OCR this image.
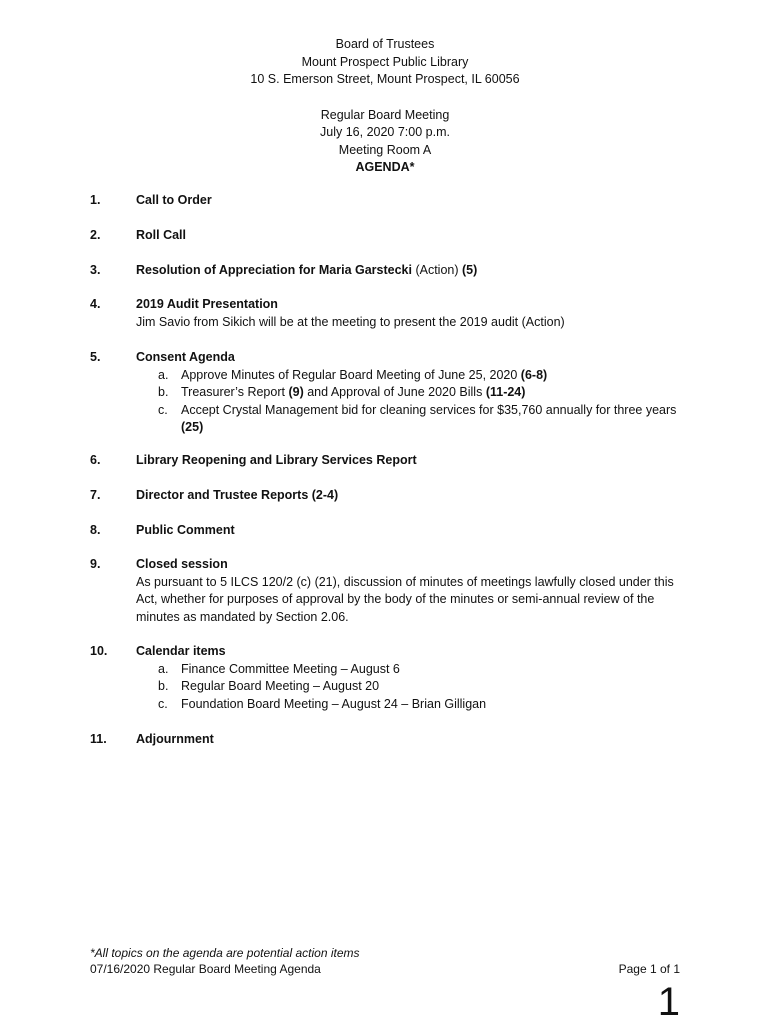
Board of Trustees
Mount Prospect Public Library
10 S. Emerson Street, Mount Prospect, IL 60056
Regular Board Meeting
July 16, 2020 7:00 p.m.
Meeting Room A
AGENDA*
1.	Call to Order
2.	Roll Call
3.	Resolution of Appreciation for Maria Garstecki (Action) (5)
4.	2019 Audit Presentation
Jim Savio from Sikich will be at the meeting to present the 2019 audit (Action)
5.	Consent Agenda
a. Approve Minutes of Regular Board Meeting of June 25, 2020 (6-8)
b. Treasurer’s Report (9) and Approval of June 2020 Bills (11-24)
c. Accept Crystal Management bid for cleaning services for $35,760 annually for three years (25)
6.	Library Reopening and Library Services Report
7.	Director and Trustee Reports (2-4)
8.	Public Comment
9.	Closed session
As pursuant to 5 ILCS 120/2 (c) (21), discussion of minutes of meetings lawfully closed under this Act, whether for purposes of approval by the body of the minutes or semi-annual review of the minutes as mandated by Section 2.06.
10. Calendar items
a. Finance Committee Meeting – August 6
b. Regular Board Meeting – August 20
c. Foundation Board Meeting – August 24 – Brian Gilligan
11. Adjournment
*All topics on the agenda are potential action items
07/16/2020 Regular Board Meeting Agenda	Page 1 of 1
1
